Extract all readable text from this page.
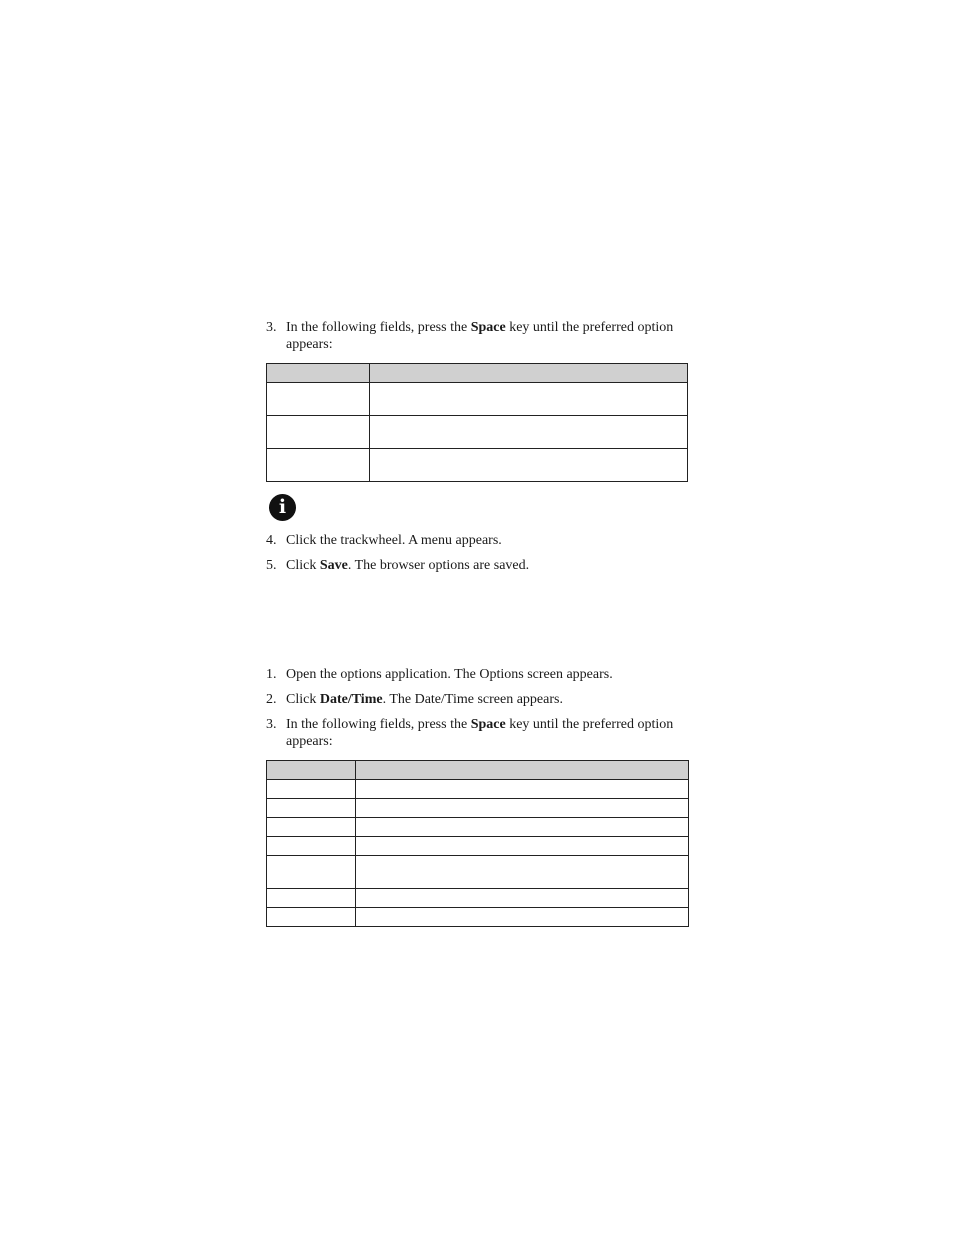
3. In the following fields, press the Space key until the preferred option appears:

i
4. Click the trackwheel. A menu appears.
5. Click Save. The browser options are saved.
1. Open the options application. The Options screen appears.
2. Click Date/Time. The Date/Time screen appears.
3. In the following fields, press the Space key until the preferred option appears:
